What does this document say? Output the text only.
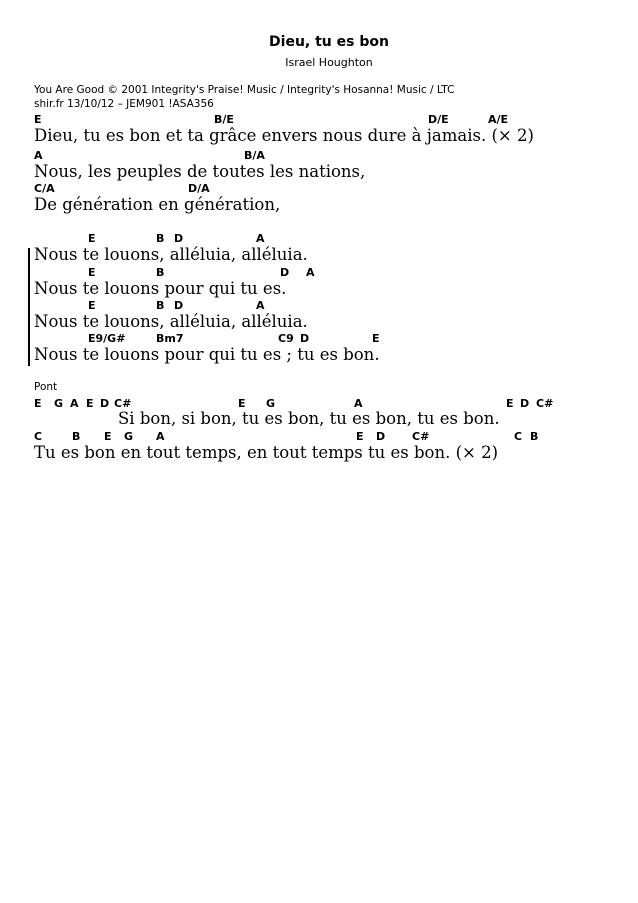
Dieu, tu es bon
Israel Houghton
You Are Good © 2001 Integrity's Praise! Music / Integrity's Hosanna! Music / LTC
shir.fr 13/10/12 – JEM901 !ASA356
E	B/E	D/E	A/E
Dieu, tu es bon et ta grâce envers nous dure à jamais. (× 2)
A	B/A
Nous, les peuples de toutes les nations,
C/A	D/A
De génération en génération,
E	B D	A
Nous te louons, alléluia, alléluia.
E	B	D A
Nous te louons pour qui tu es.
E	B D	A
Nous te louons, alléluia, alléluia.
E9/G#	Bm7	C9 D	E
Nous te louons pour qui tu es ; tu es bon.
Pont
E G A E D C#	E G	A	E D C#
Si bon, si bon, tu es bon, tu es bon, tu es bon.
C	B E G A	E D C#	C B
Tu es bon en tout temps, en tout temps tu es bon. (× 2)
